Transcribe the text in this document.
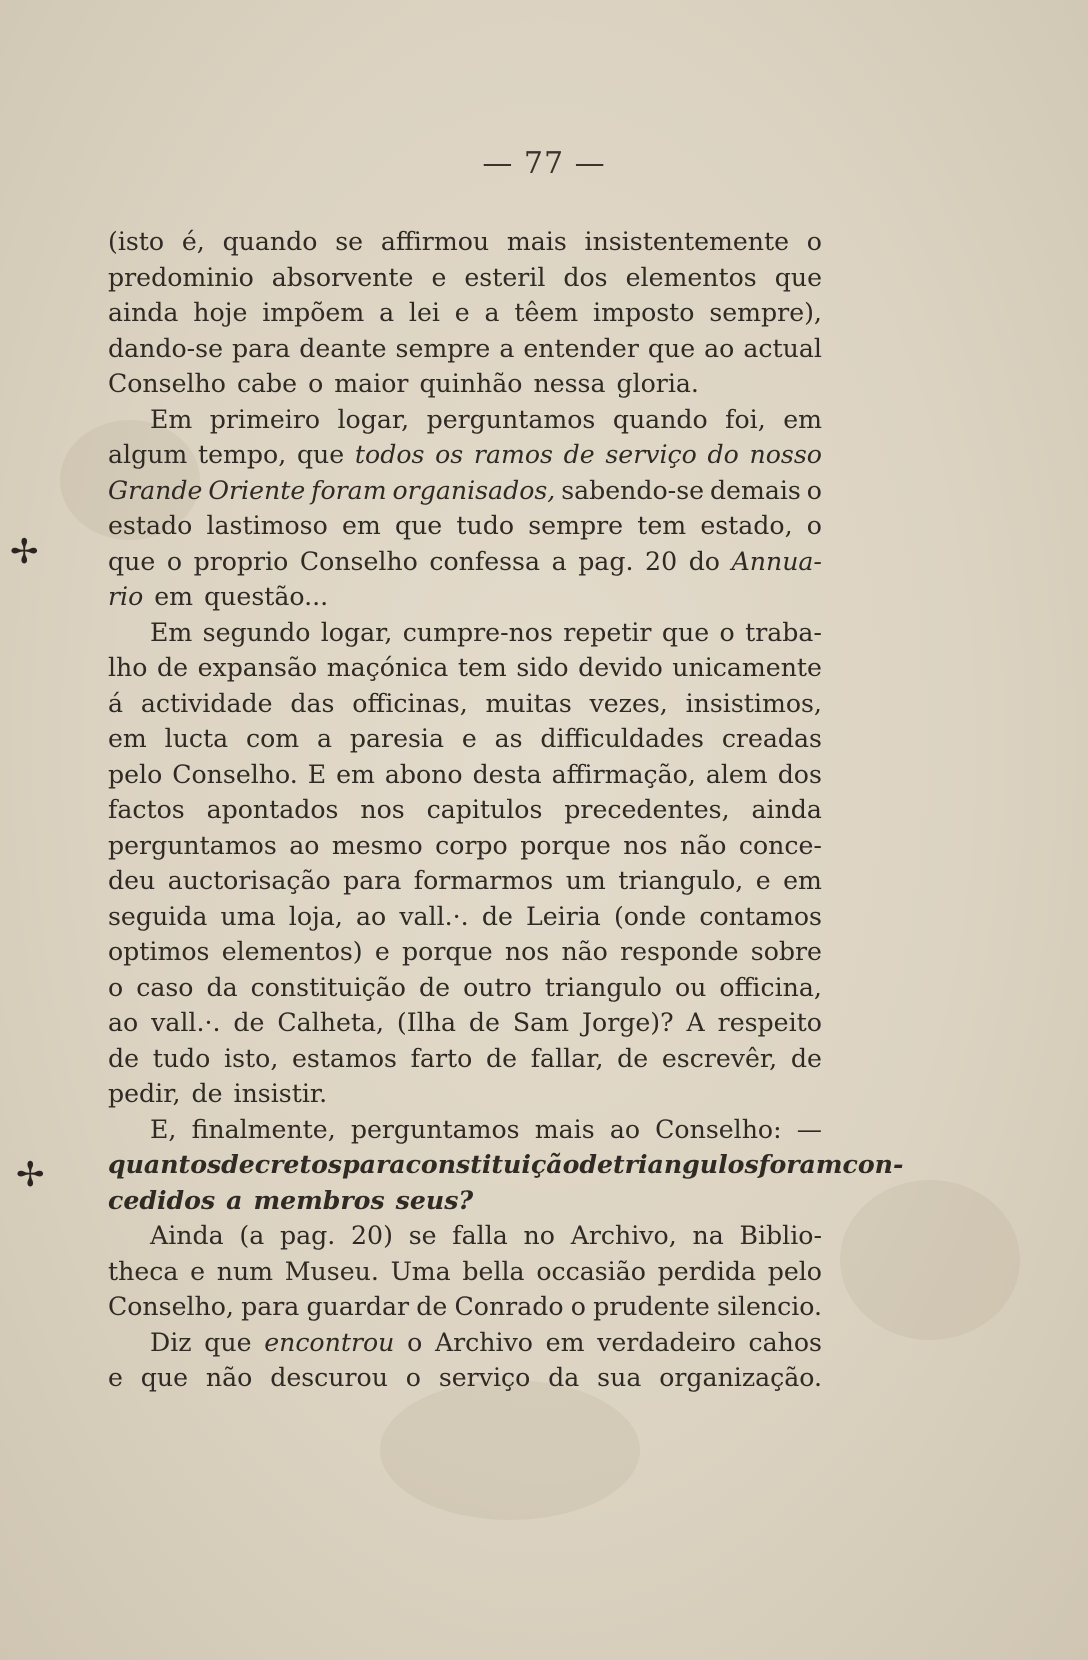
✢
✢
— 77 —
(isto é, quando se affirmou mais insistentemente o
predominio absorvente e esteril dos elementos que
ainda hoje impõem a lei e a têem imposto sempre),
dando-se para deante sempre a entender que ao actual
Conselho cabe o maior quinhão nessa gloria.
Em primeiro logar, perguntamos quando foi, em
algum tempo, que todos os ramos de serviço do nosso
Grande Oriente foram organisados, sabendo-se demais o
estado lastimoso em que tudo sempre tem estado, o
que o proprio Conselho confessa a pag. 20 do Annua-
rio em questão...
Em segundo logar, cumpre-nos repetir que o traba-
lho de expansão maçónica tem sido devido unicamente
á actividade das officinas, muitas vezes, insistimos,
em lucta com a paresia e as difficuldades creadas
pelo Conselho. E em abono desta affirmação, alem dos
factos apontados nos capitulos precedentes, ainda
perguntamos ao mesmo corpo porque nos não conce-
deu auctorisação para formarmos um triangulo, e em
seguida uma loja, ao vall.·. de Leiria (onde contamos
optimos elementos) e porque nos não responde sobre
o caso da constituição de outro triangulo ou officina,
ao vall.·. de Calheta, (Ilha de Sam Jorge)? A respeito
de tudo isto, estamos farto de fallar, de escrevêr, de
pedir, de insistir.
E, finalmente, perguntamos mais ao Conselho: —
quantos decretos para constituição de triangulos foram con-
cedidos a membros seus?
Ainda (a pag. 20) se falla no Archivo, na Biblio-
theca e num Museu. Uma bella occasião perdida pelo
Conselho, para guardar de Conrado o prudente silencio.
Diz que encontrou o Archivo em verdadeiro cahos
e que não descurou o serviço da sua organização.
